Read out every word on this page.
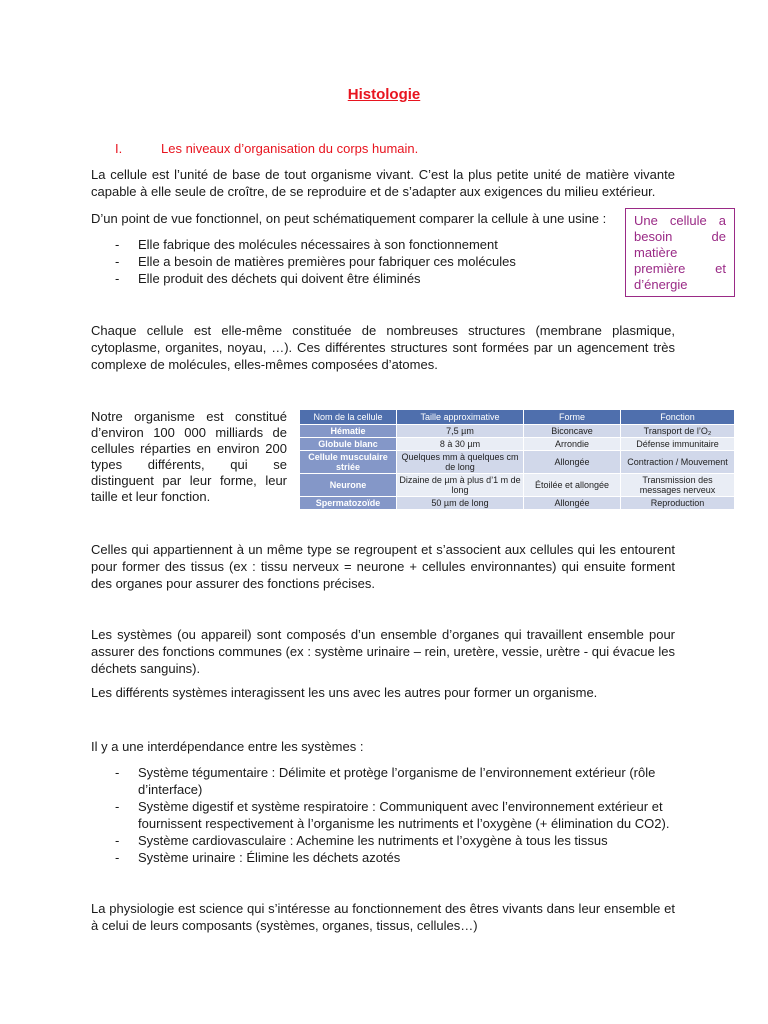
Histologie
I.	Les niveaux d’organisation du corps humain.
La cellule est l’unité de base de tout organisme vivant. C’est la plus petite unité de matière vivante capable à elle seule de croître, de se reproduire et de s’adapter aux exigences du milieu extérieur.
D’un point de vue fonctionnel, on peut schématiquement comparer la cellule à une usine :
- Elle fabrique des molécules nécessaires à son fonctionnement
- Elle a besoin de matières premières pour fabriquer ces molécules
- Elle produit des déchets qui doivent être éliminés
Une cellule a besoin de matière première et d’énergie
Chaque cellule est elle-même constituée de nombreuses structures (membrane plasmique, cytoplasme, organites, noyau, …). Ces différentes structures sont formées par un agencement très complexe de molécules, elles-mêmes composées d’atomes.
Notre organisme est constitué d’environ 100 000 milliards de cellules réparties en environ 200 types différents, qui se distinguent par leur forme, leur taille et leur fonction.
Nom de la cellule	Taille approximative	Forme	Fonction
Hématie	7,5 µm	Biconcave	Transport de l’O₂
Globule blanc	8 à 30 µm	Arrondie	Défense immunitaire
Cellule musculaire striée	Quelques mm à quelques cm de long	Allongée	Contraction / Mouvement
Neurone	Dizaine de µm à plus d’1 m de long	Étoilée et allongée	Transmission des messages nerveux
Spermatozoïde	50 µm de long	Allongée	Reproduction
Celles qui appartiennent à un même type se regroupent et s’associent aux cellules qui les entourent pour former des tissus (ex : tissu nerveux = neurone + cellules environnantes) qui ensuite forment des organes pour assurer des fonctions précises.
Les systèmes (ou appareil) sont composés d’un ensemble d’organes qui travaillent ensemble pour assurer des fonctions communes (ex : système urinaire – rein, uretère, vessie, urètre - qui évacue les déchets sanguins).
Les différents systèmes interagissent les uns avec les autres pour former un organisme.
Il y a une interdépendance entre les systèmes :
- Système tégumentaire : Délimite et protège l’organisme de l’environnement extérieur (rôle d’interface)
- Système digestif et système respiratoire : Communiquent avec l’environnement extérieur et fournissent respectivement à l’organisme les nutriments et l’oxygène (+ élimination du CO2).
- Système cardiovasculaire : Achemine les nutriments et l’oxygène à tous les tissus
- Système urinaire : Élimine les déchets azotés
La physiologie est science qui s’intéresse au fonctionnement des êtres vivants dans leur ensemble et à celui de leurs composants (systèmes, organes, tissus, cellules…)
